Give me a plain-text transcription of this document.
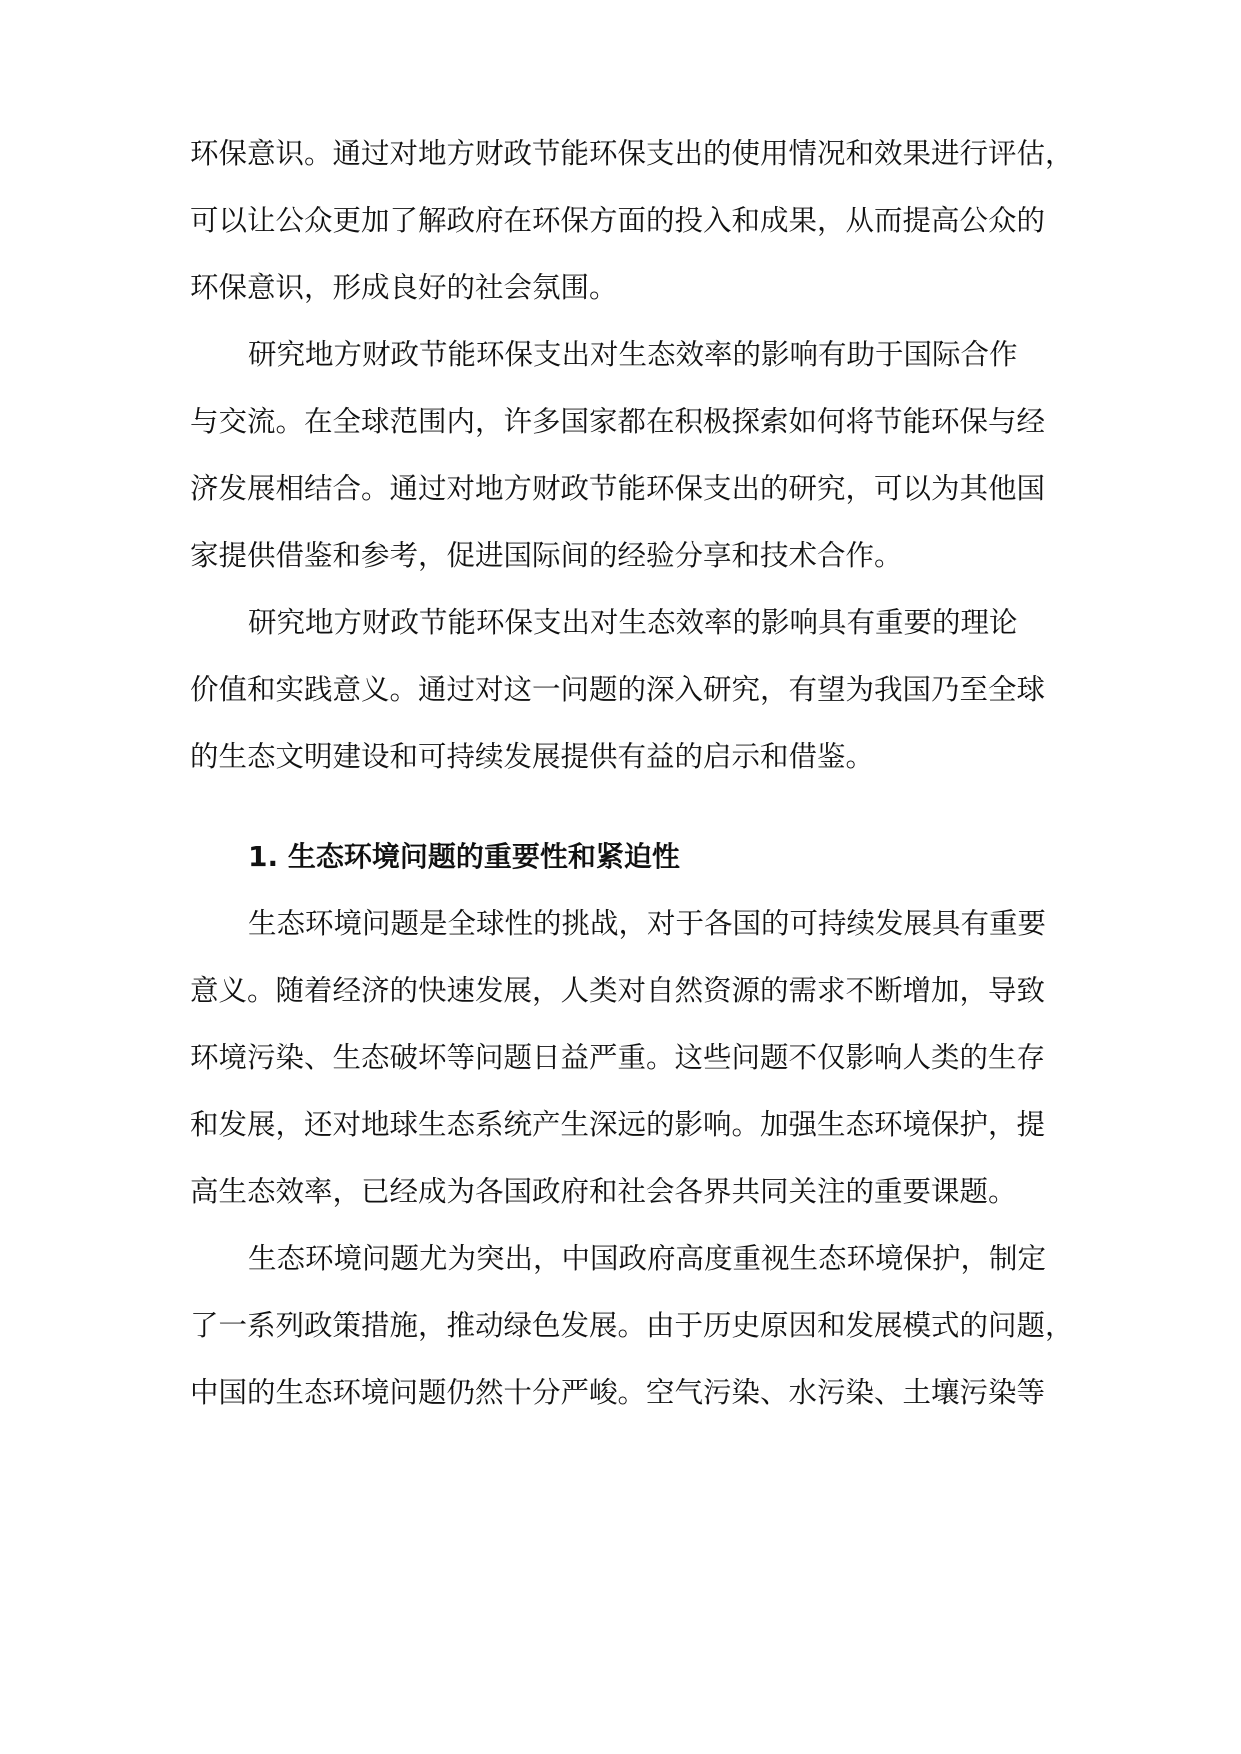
环保意识。通过对地方财政节能环保支出的使用情况和效果进行评估，
可以让公众更加了解政府在环保方面的投入和成果，从而提高公众的
环保意识，形成良好的社会氛围。
研究地方财政节能环保支出对生态效率的影响有助于国际合作
与交流。在全球范围内，许多国家都在积极探索如何将节能环保与经
济发展相结合。通过对地方财政节能环保支出的研究，可以为其他国
家提供借鉴和参考，促进国际间的经验分享和技术合作。
研究地方财政节能环保支出对生态效率的影响具有重要的理论
价值和实践意义。通过对这一问题的深入研究，有望为我国乃至全球
的生态文明建设和可持续发展提供有益的启示和借鉴。
1. 生态环境问题的重要性和紧迫性
生态环境问题是全球性的挑战，对于各国的可持续发展具有重要
意义。随着经济的快速发展，人类对自然资源的需求不断增加，导致
环境污染、生态破坏等问题日益严重。这些问题不仅影响人类的生存
和发展，还对地球生态系统产生深远的影响。加强生态环境保护，提
高生态效率，已经成为各国政府和社会各界共同关注的重要课题。
生态环境问题尤为突出，中国政府高度重视生态环境保护，制定
了一系列政策措施，推动绿色发展。由于历史原因和发展模式的问题，
中国的生态环境问题仍然十分严峻。空气污染、水污染、土壤污染等
